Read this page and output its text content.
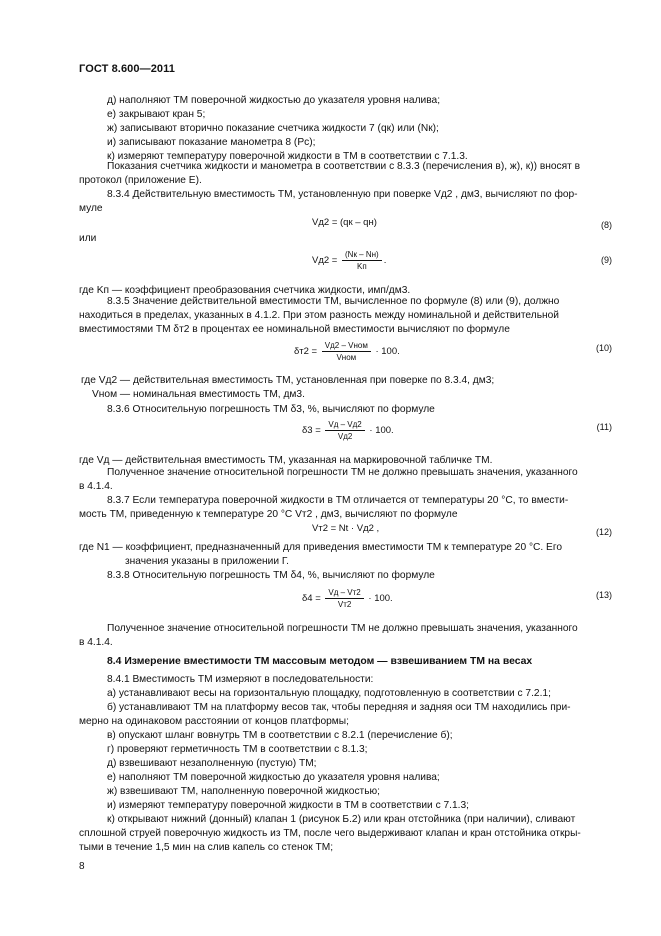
ГОСТ 8.600—2011
д) наполняют ТМ поверочной жидкостью до указателя уровня налива;
е) закрывают кран 5;
ж) записывают вторично показание счетчика жидкости 7 (qк) или (Nк);
и) записывают показание манометра 8 (Pс);
к) измеряют температуру поверочной жидкости в ТМ в соответствии с 7.1.3.
Показания счетчика жидкости и манометра в соответствии с 8.3.3 (перечисления в), ж), к)) вносят в
протокол (приложение Е).
8.3.4 Действительную вместимость ТМ, установленную при поверке Vд2 , дм3, вычисляют по фор-
муле
Vд2 = (qк – qн)	(8)
или
$Vд2 = \frac{(Nк - Nн)}{Kп}$ .	(9)
где Kп — коэффициент преобразования счетчика жидкости, имп/дм3.
8.3.5 Значение действительной вместимости ТМ, вычисленное по формуле (8) или (9), должно
находиться в пределах, указанных в 4.1.2. При этом разность между номинальной и действительной
вместимостями ТМ δт2 в процентах ее номинальной вместимости вычисляют по формуле
$\delta т2 = \frac{\text{Vд2 – Vном}}{\text{Vном}} \cdot 100$.	(10)
где Vд2 — действительная вместимость ТМ, установленная при поверке по 8.3.4, дм3;
Vном — номинальная вместимость ТМ, дм3.
8.3.6 Относительную погрешность ТМ δ3, %, вычисляют по формуле
$\delta 3 = \frac{Vд - Vд2}{Vд2} \cdot 100$.	(11)
где Vд — действительная вместимость ТМ, указанная на маркировочной табличке ТМ.
Полученное значение относительной погрешности ТМ не должно превышать значения, указанного
в 4.1.4.
8.3.7 Если температура поверочной жидкости в ТМ отличается от температуры 20 °С, то вмести-
мость ТМ, приведенную к температуре 20 °С Vт2 , дм3, вычисляют по формуле
Vт2 = Nt · Vд2 ,	(12)
где N1 — коэффициент, предназначенный для приведения вместимости ТМ к температуре 20 °С. Его
значения указаны в приложении Г.
8.3.8 Относительную погрешность ТМ δ4, %, вычисляют по формуле
$\delta 4 = \frac{Vд - Vт2}{Vт2} \cdot 100$.	(13)
Полученное значение относительной погрешности ТМ не должно превышать значения, указанного
в 4.1.4.
8.4 Измерение вместимости ТМ массовым методом — взвешиванием ТМ на весах
8.4.1 Вместимость ТМ измеряют в последовательности:
а) устанавливают весы на горизонтальную площадку, подготовленную в соответствии с 7.2.1;
б) устанавливают ТМ на платформу весов так, чтобы передняя и задняя оси ТМ находились при-
мерно на одинаковом расстоянии от концов платформы;
в) опускают шланг вовнутрь ТМ в соответствии с 8.2.1 (перечисление б);
г) проверяют герметичность ТМ в соответствии с 8.1.3;
д) взвешивают незаполненную (пустую) ТМ;
е) наполняют ТМ поверочной жидкостью до указателя уровня налива;
ж) взвешивают ТМ, наполненную поверочной жидкостью;
и) измеряют температуру поверочной жидкости в ТМ в соответствии с 7.1.3;
к) открывают нижний (донный) клапан 1 (рисунок Б.2) или кран отстойника (при наличии), сливают
сплошной струей поверочную жидкость из ТМ, после чего выдерживают клапан и кран отстойника откры-
тыми в течение 1,5 мин на слив капель со стенок ТМ;
8
